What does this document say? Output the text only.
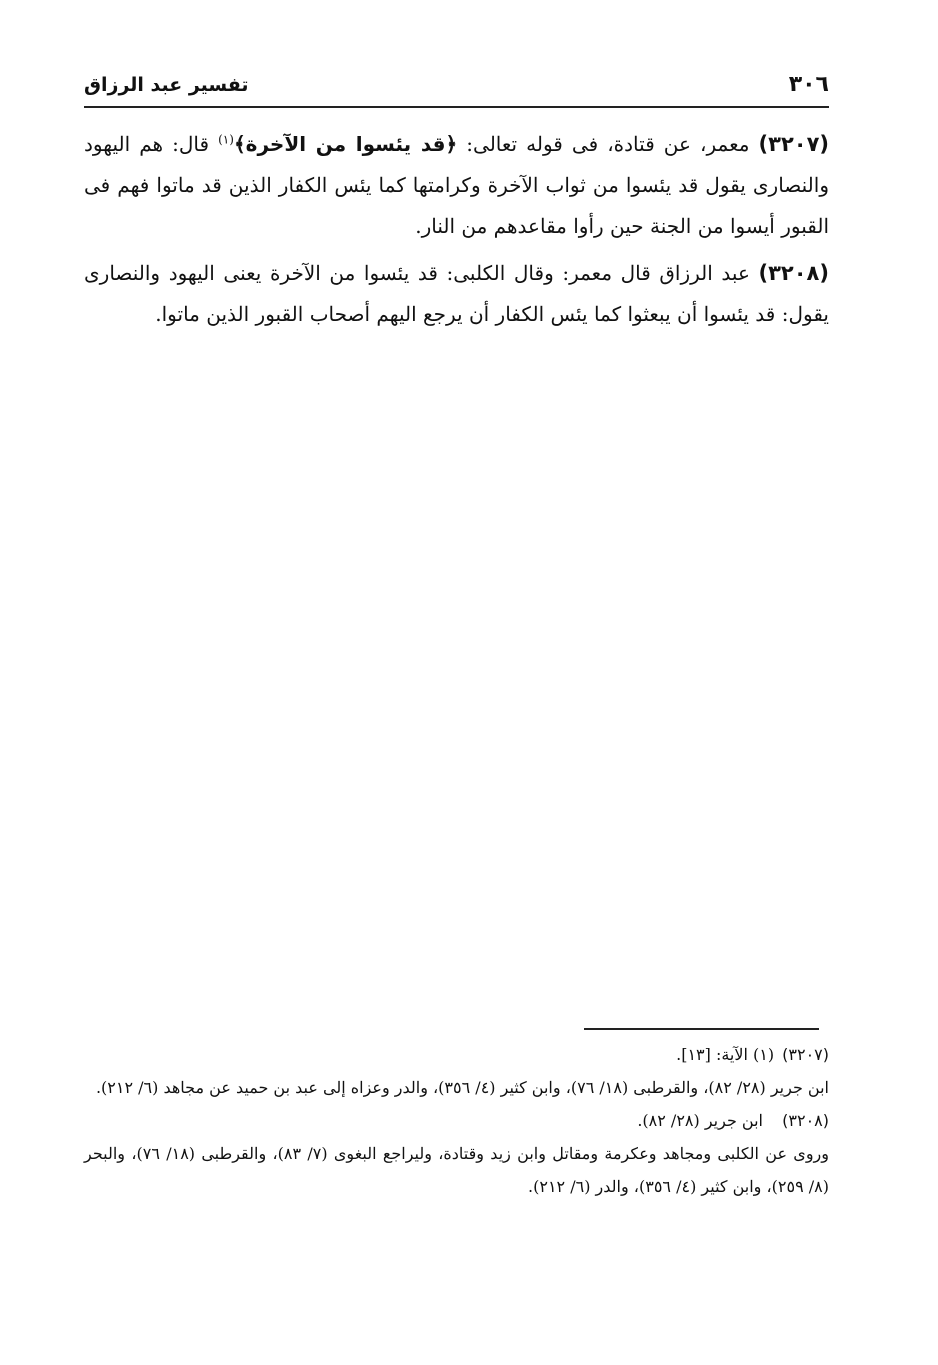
٣٠٦
تفسير عبد الرزاق

(٣٢٠٧) معمر، عن قتادة، فى قوله تعالى: ﴿قد يئسوا من الآخرة﴾$^{(١)}$ قال: هم اليهود والنصارى يقول قد يئسوا من ثواب الآخرة وكرامتها كما يئس الكفار الذين قد ماتوا فهم فى القبور أيسوا من الجنة حين رأوا مقاعدهم من النار.

(٣٢٠٨) عبد الرزاق قال معمر: وقال الكلبى: قد يئسوا من الآخرة يعنى اليهود والنصارى يقول: قد يئسوا أن يبعثوا كما يئس الكفار أن يرجع اليهم أصحاب القبور الذين ماتوا.

(٣٢٠٧)
(١) الآية: [١٣].
ابن جرير (٢٨/ ٨٢)، والقرطبى (١٨/ ٧٦)، وابن كثير (٤/ ٣٥٦)، والدر وعزاه إلى عبد بن حميد عن مجاهد (٦/ ٢١٢).
(٣٢٠٨)
ابن جرير (٢٨/ ٨٢).
وروى عن الكلبى ومجاهد وعكرمة ومقاتل وابن زيد وقتادة، وليراجع البغوى (٧/ ٨٣)، والقرطبى (١٨/ ٧٦)، والبحر (٨/ ٢٥٩)، وابن كثير (٤/ ٣٥٦)، والدر (٦/ ٢١٢).
